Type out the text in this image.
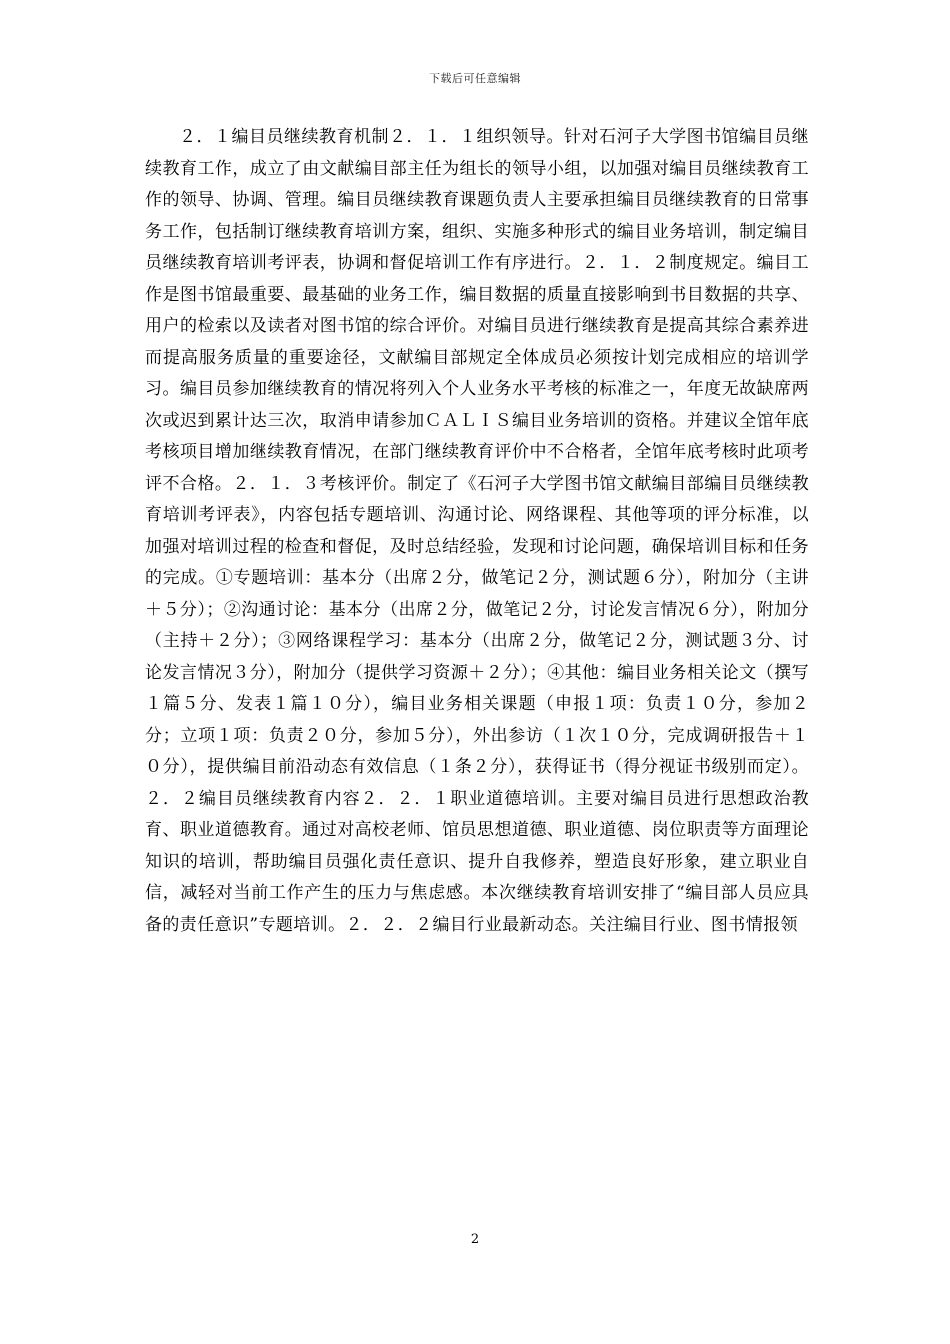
下载后可任意编辑

２．１编目员继续教育机制２．１．１组织领导。针对石河子大学图书馆编目员继续教育工作，成立了由文献编目部主任为组长的领导小组，以加强对编目员继续教育工作的领导、协调、管理。编目员继续教育课题负责人主要承担编目员继续教育的日常事务工作，包括制订继续教育培训方案，组织、实施多种形式的编目业务培训，制定编目员继续教育培训考评表，协调和督促培训工作有序进行。２．１．２制度规定。编目工作是图书馆最重要、最基础的业务工作，编目数据的质量直接影响到书目数据的共享、用户的检索以及读者对图书馆的综合评价。对编目员进行继续教育是提高其综合素养进而提高服务质量的重要途径，文献编目部规定全体成员必须按计划完成相应的培训学习。编目员参加继续教育的情况将列入个人业务水平考核的标准之一，年度无故缺席两次或迟到累计达三次，取消申请参加ＣＡＬＩＳ编目业务培训的资格。并建议全馆年底考核项目增加继续教育情况，在部门继续教育评价中不合格者，全馆年底考核时此项考评不合格。２．１．３考核评价。制定了《石河子大学图书馆文献编目部编目员继续教育培训考评表》，内容包括专题培训、沟通讨论、网络课程、其他等项的评分标准，以加强对培训过程的检查和督促，及时总结经验，发现和讨论问题，确保培训目标和任务的完成。①专题培训：基本分（出席２分，做笔记２分，测试题６分），附加分（主讲＋５分）；②沟通讨论：基本分（出席２分，做笔记２分，讨论发言情况６分），附加分（主持＋２分）；③网络课程学习：基本分（出席２分，做笔记２分，测试题３分、讨论发言情况３分），附加分（提供学习资源＋２分）；④其他：编目业务相关论文（撰写１篇５分、发表１篇１０分），编目业务相关课题（申报１项：负责１０分，参加２分；立项１项：负责２０分，参加５分），外出参访（１次１０分，完成调研报告＋１０分），提供编目前沿动态有效信息（１条２分），获得证书（得分视证书级别而定）。２．２编目员继续教育内容２．２．１职业道德培训。主要对编目员进行思想政治教育、职业道德教育。通过对高校老师、馆员思想道德、职业道德、岗位职责等方面理论知识的培训，帮助编目员强化责任意识、提升自我修养，塑造良好形象，建立职业自信，减轻对当前工作产生的压力与焦虑感。本次继续教育培训安排了“编目部人员应具备的责任意识”专题培训。２．２．２编目行业最新动态。关注编目行业、图书情报领

2
